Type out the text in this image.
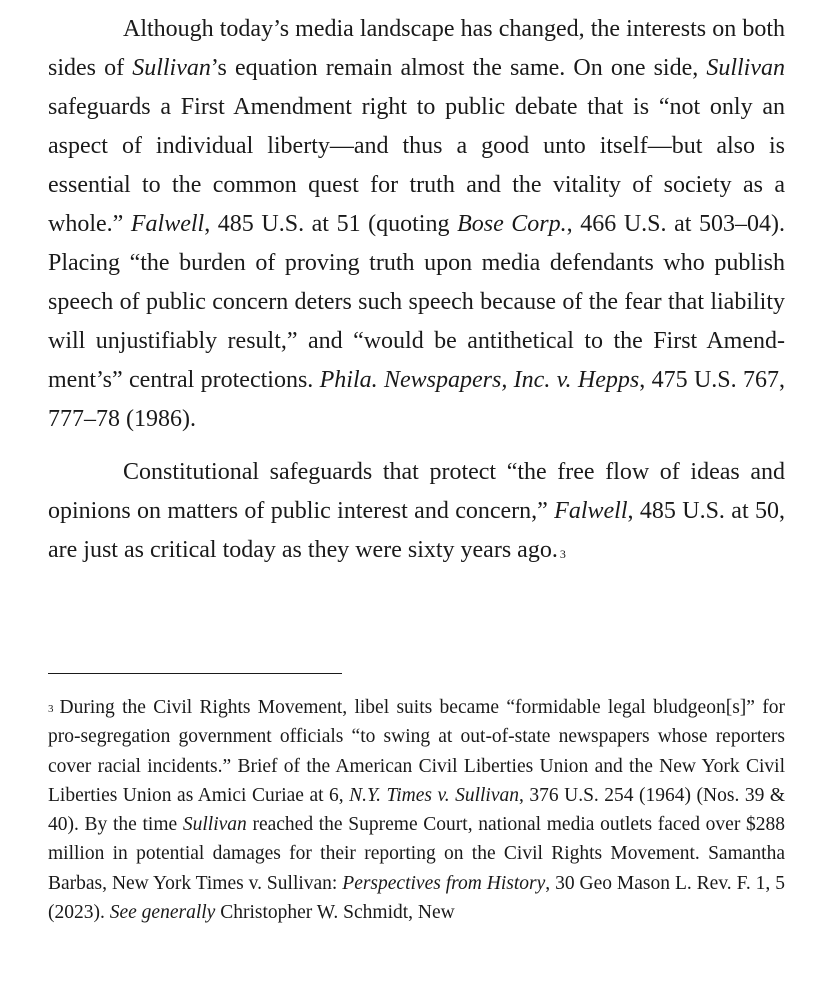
Although today’s media landscape has changed, the interests on both sides of Sullivan’s equation remain almost the same. On one side, Sullivan safeguards a First Amendment right to public debate that is “not only an aspect of individual liberty—and thus a good unto itself—but also is essential to the common quest for truth and the vitality of society as a whole.” Falwell, 485 U.S. at 51 (quoting Bose Corp., 466 U.S. at 503–04). Placing “the burden of proving truth upon media defendants who publish speech of public concern deters such speech because of the fear that liability will unjustifiably result,” and “would be antithetical to the First Amendment’s” central protections. Phila. Newspapers, Inc. v. Hepps, 475 U.S. 767, 777–78 (1986).

Constitutional safeguards that protect “the free flow of ideas and opinions on matters of public interest and concern,” Falwell, 485 U.S. at 50, are just as critical today as they were sixty years ago. $^3$

$^3$ During the Civil Rights Movement, libel suits became “formidable legal bludgeon[s]” for pro-segregation government officials “to swing at out-of-state newspapers whose reporters cover racial incidents.” Brief of the American Civil Liberties Union and the New York Civil Liberties Union as Amici Curiae at 6, N.Y. Times v. Sullivan, 376 U.S. 254 (1964) (Nos. 39 & 40). By the time Sullivan reached the Supreme Court, national media outlets faced over $288 million in potential damages for their reporting on the Civil Rights Movement. Samantha Barbas, New York Times v. Sullivan: Perspectives from History, 30 Geo Mason L. Rev. F. 1, 5 (2023). See generally Christopher W. Schmidt, New
